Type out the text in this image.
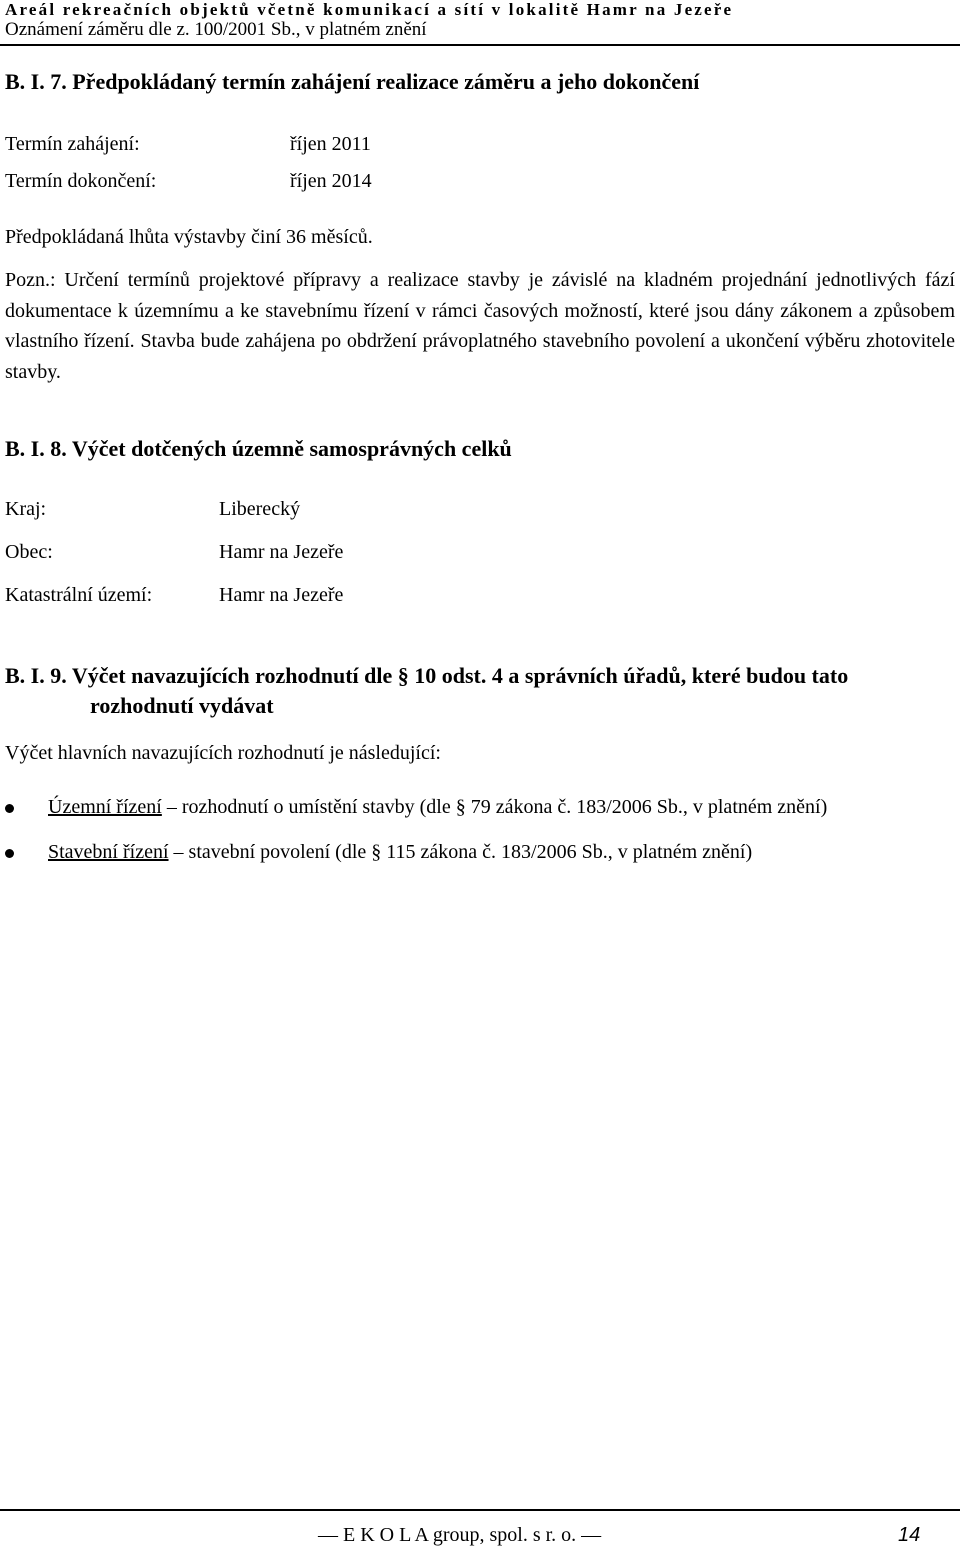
Areál rekreačních objektů včetně komunikací a sítí v lokalitě Hamr na Jezeře
Oznámení záměru dle z. 100/2001 Sb., v platném znění
B. I. 7. Předpokládaný termín zahájení realizace záměru a jeho dokončení
Termín zahájení:	říjen 2011
Termín dokončení:	říjen 2014
Předpokládaná lhůta výstavby činí 36 měsíců.
Pozn.: Určení termínů projektové přípravy a realizace stavby je závislé na kladném projednání jednotlivých fází dokumentace k územnímu a ke stavebnímu řízení v rámci časových možností, které jsou dány zákonem a způsobem vlastního řízení. Stavba bude zahájena po obdržení právoplatného stavebního povolení a ukončení výběru zhotovitele stavby.
B. I. 8. Výčet dotčených územně samosprávných celků
Kraj:	Liberecký
Obec:	Hamr na Jezeře
Katastrální území:	Hamr na Jezeře
B. I. 9. Výčet navazujících rozhodnutí dle § 10 odst. 4 a správních úřadů, které budou tato
rozhodnutí vydávat
Výčet hlavních navazujících rozhodnutí je následující:
Územní řízení – rozhodnutí o umístění stavby (dle § 79 zákona č. 183/2006 Sb., v platném znění)
Stavební řízení – stavební povolení (dle § 115 zákona č. 183/2006 Sb., v platném znění)
— E K O L A group, spol. s r. o. —	14
